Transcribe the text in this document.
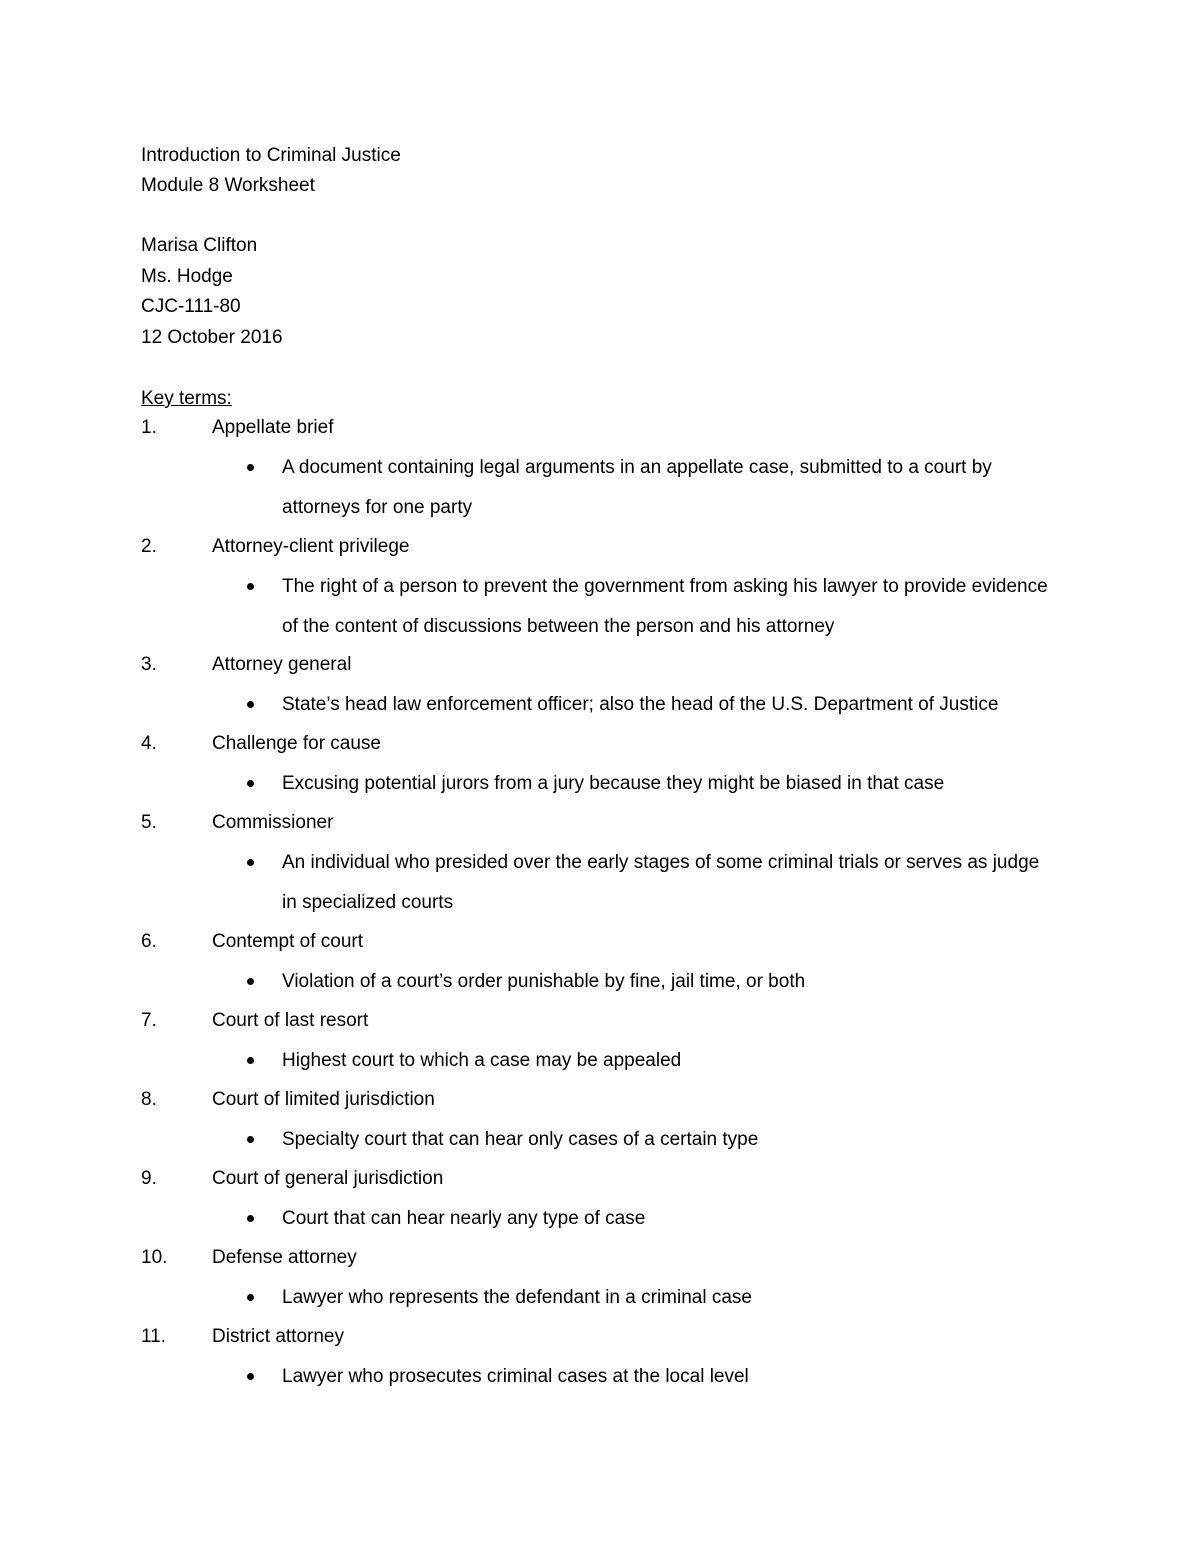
Introduction to Criminal Justice
Module 8 Worksheet
Marisa Clifton
Ms. Hodge
CJC-111-80
12 October 2016
Key terms:
1.	Appellate brief
A document containing legal arguments in an appellate case, submitted to a court by attorneys for one party
2.	Attorney-client privilege
The right of a person to prevent the government from asking his lawyer to provide evidence of the content of discussions between the person and his attorney
3.	Attorney general
State’s head law enforcement officer; also the head of the U.S. Department of Justice
4.	Challenge for cause
Excusing potential jurors from a jury because they might be biased in that case
5.	Commissioner
An individual who presided over the early stages of some criminal trials or serves as judge in specialized courts
6.	Contempt of court
Violation of a court’s order punishable by fine, jail time, or both
7.	Court of last resort
Highest court to which a case may be appealed
8.	Court of limited jurisdiction
Specialty court that can hear only cases of a certain type
9.	Court of general jurisdiction
Court that can hear nearly any type of case
10.	Defense attorney
Lawyer who represents the defendant in a criminal case
11.	District attorney
Lawyer who prosecutes criminal cases at the local level
